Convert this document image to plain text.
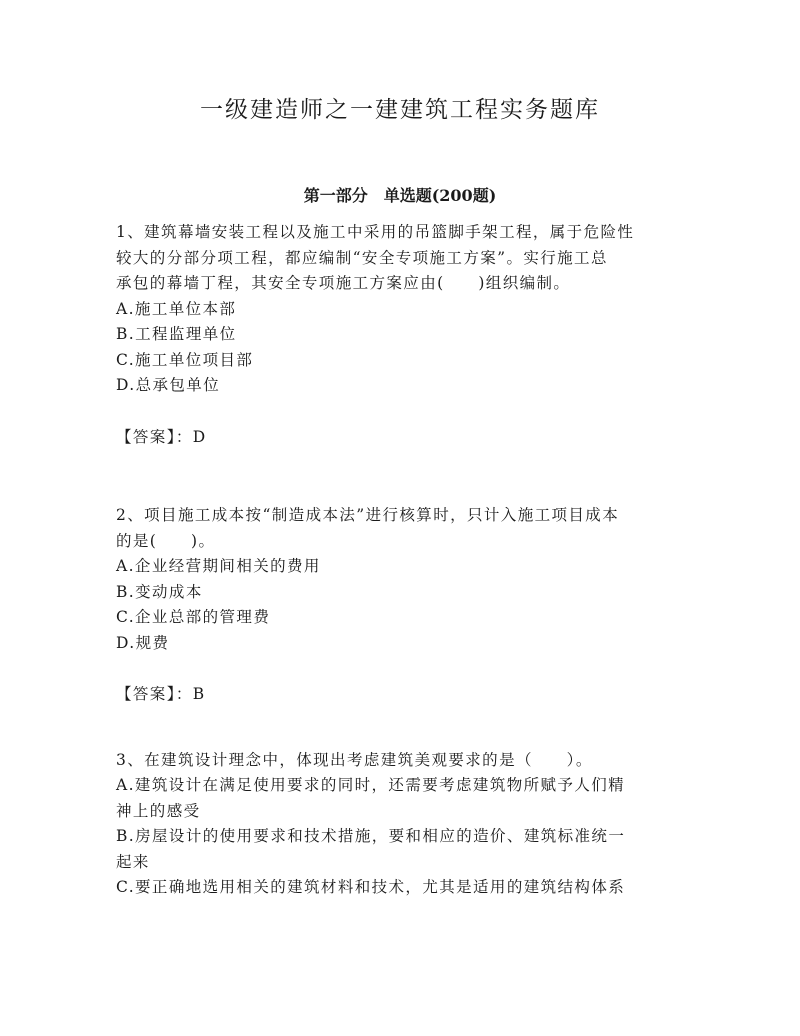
一级建造师之一建建筑工程实务题库
第一部分　单选题(200题)

1、建筑幕墙安装工程以及施工中采用的吊篮脚手架工程，属于危险性

较大的分部分项工程，都应编制“安全专项施工方案”。实行施工总

承包的幕墙丁程，其安全专项施工方案应由(　　)组织编制。

A.施工单位本部

B.工程监理单位

C.施工单位项目部

D.总承包单位

【答案】：D

2、项目施工成本按“制造成本法”进行核算时，只计入施工项目成本

的是(　　)。

A.企业经营期间相关的费用

B.变动成本

C.企业总部的管理费

D.规费

【答案】：B

3、在建筑设计理念中，体现出考虑建筑美观要求的是（　　）。

A.建筑设计在满足使用要求的同时，还需要考虑建筑物所赋予人们精

神上的感受

B.房屋设计的使用要求和技术措施，要和相应的造价、建筑标准统一

起来

C.要正确地选用相关的建筑材料和技术，尤其是适用的建筑结构体系
